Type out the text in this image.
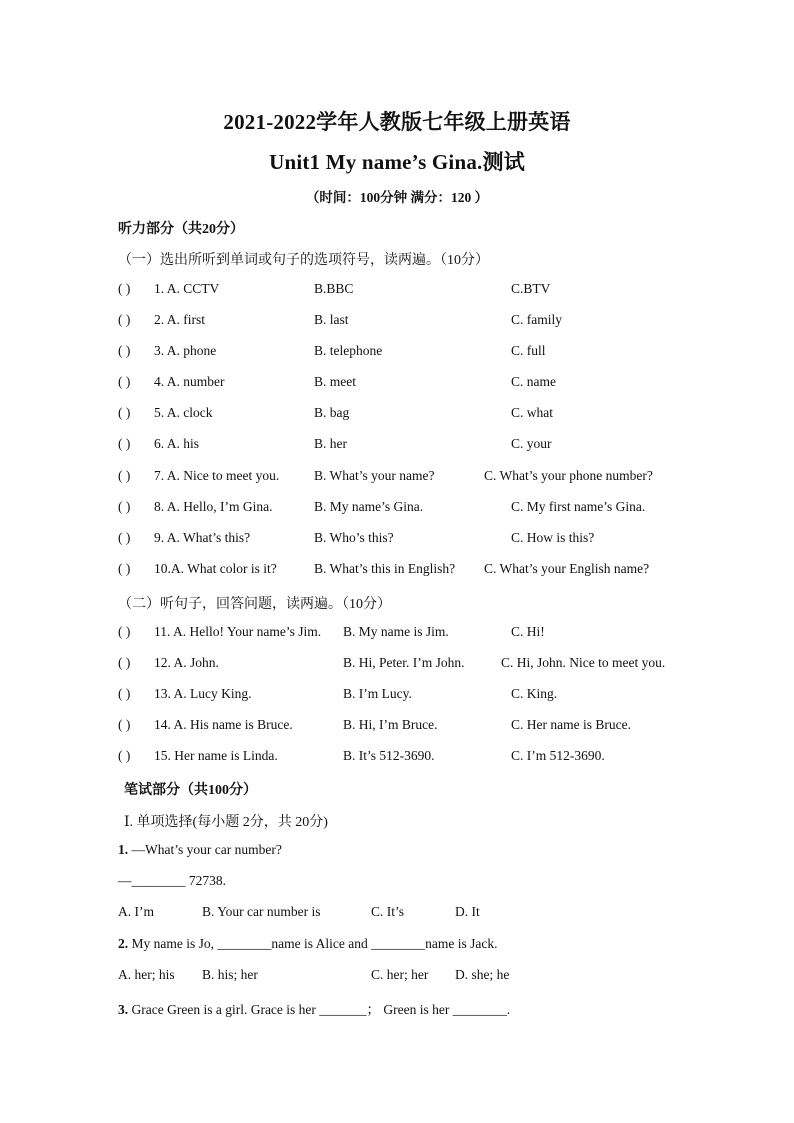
2021-2022学年人教版七年级上册英语
Unit1 My name’s Gina.测试
（时间：100分钟 满分：120 ）
听力部分（共20分）
（一）选出所听到单词或句子的选项符号，读两遍。（10分）
( ) 1. A. CCTV	B.BBC	C.BTV
( ) 2. A. first	B. last	C. family
( ) 3. A. phone	B. telephone	C. full
( ) 4. A. number	B. meet	C. name
( ) 5. A. clock	B. bag	C. what
( ) 6. A. his	B. her	C. your
( ) 7. A. Nice to meet you.	B. What’s your name?	C. What’s your phone number?
( ) 8. A. Hello, I’m Gina.	B. My name’s Gina.	C. My first name’s Gina.
( ) 9. A. What’s this?	B. Who’s this?	C. How is this?
( ) 10.A. What color is it?	B. What’s this in English? C. What’s your English name?
（二）听句子，回答问题，读两遍。（10分）
( ) 11. A. Hello! Your name’s Jim. B. My name is Jim.	C. Hi!
( ) 12. A. John.	B. Hi, Peter. I’m John.	C. Hi, John. Nice to meet you.
( ) 13. A. Lucy King.	B. I’m Lucy.	C. King.
( ) 14. A. His name is Bruce.	B. Hi, I’m Bruce.	C. Her name is Bruce.
( ) 15. Her name is Linda.	B. It’s 512-3690.	C. I’m 512-3690.
笔试部分（共100分）
Ⅰ. 单项选择(每小题 2分，共 20分)
1. —What’s your car number?
—________ 72738.
A. I’m	B. Your car number is	C. It’s	D. It
2. My name is Jo, ________name is Alice and ________name is Jack.
A. her; his B. his; her	C. her; her D. she; he
3. Grace Green is a girl. Grace is her _______； Green is her ________.
